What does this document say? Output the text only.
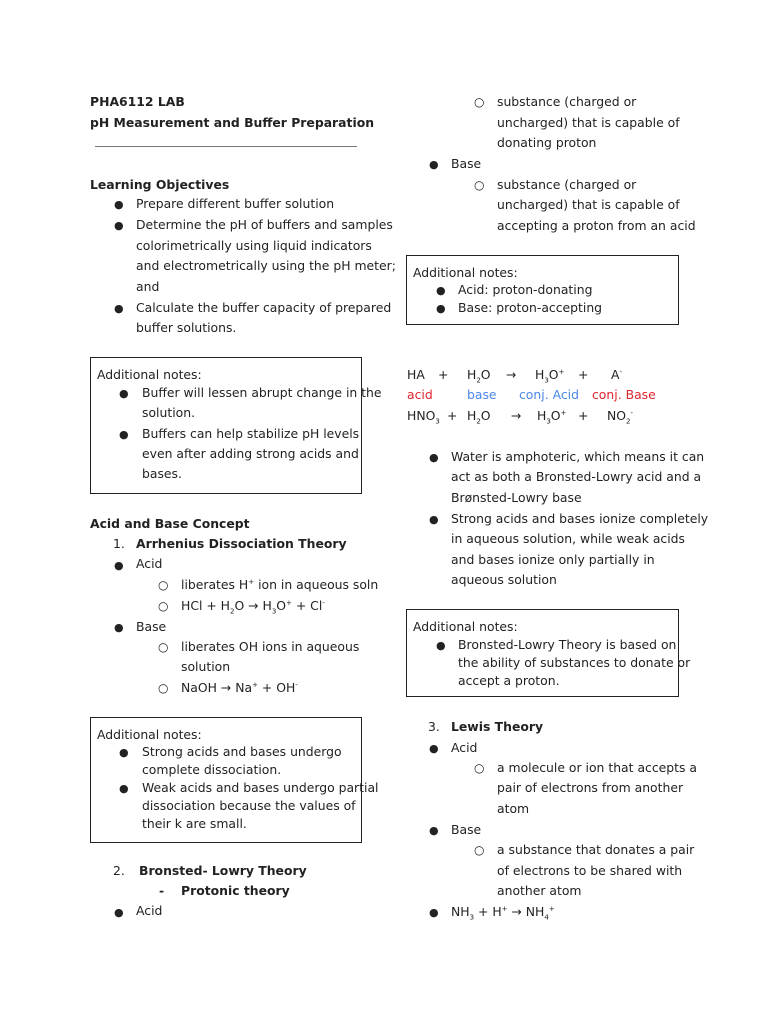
PHA6112 LAB
pH Measurement and Buffer Preparation
Learning Objectives
● Prepare different buffer solution
● Determine the pH of buffers and samples
colorimetrically using liquid indicators
and electrometrically using the pH meter;
and
● Calculate the buffer capacity of prepared
buffer solutions.
Additional notes:
● Buffer will lessen abrupt change in the
solution.
● Buffers can help stabilize pH levels
even after adding strong acids and
bases.
Acid and Base Concept
1. Arrhenius Dissociation Theory
● Acid
○ liberates H+ ion in aqueous soln
○ HCl + $H_2O \to H_3O^+ + Cl^-$
● Base
○ liberates OH ions in aqueous
solution
○ NaOH → Na+ + OH-
Additional notes:
● Strong acids and bases undergo
complete dissociation.
● Weak acids and bases undergo partial
dissociation because the values of
their k are small.
2. Bronsted- Lowry Theory
- Protonic theory
● Acid
○ substance (charged or
uncharged) that is capable of
donating proton
● Base
○ substance (charged or
uncharged) that is capable of
accepting a proton from an acid
Additional notes:
● Acid: proton-donating
● Base: proton-accepting
HA + $H_2O \to H_3O^+ + A^-$
acid	base conj. Acid conj. Base
$HNO_3 + H_2O \to H_3O^+ + NO_2^-$
● Water is amphoteric, which means it can
act as both a Bronsted-Lowry acid and a
Brønsted-Lowry base
● Strong acids and bases ionize completely
in aqueous solution, while weak acids
and bases ionize only partially in
aqueous solution
Additional notes:
● Bronsted-Lowry Theory is based on
the ability of substances to donate or
accept a proton.
3. Lewis Theory
● Acid
○ a molecule or ion that accepts a
pair of electrons from another
atom
● Base
○ a substance that donates a pair
of electrons to be shared with
another atom
● $NH_3 + H^+ \to NH_4^+$
